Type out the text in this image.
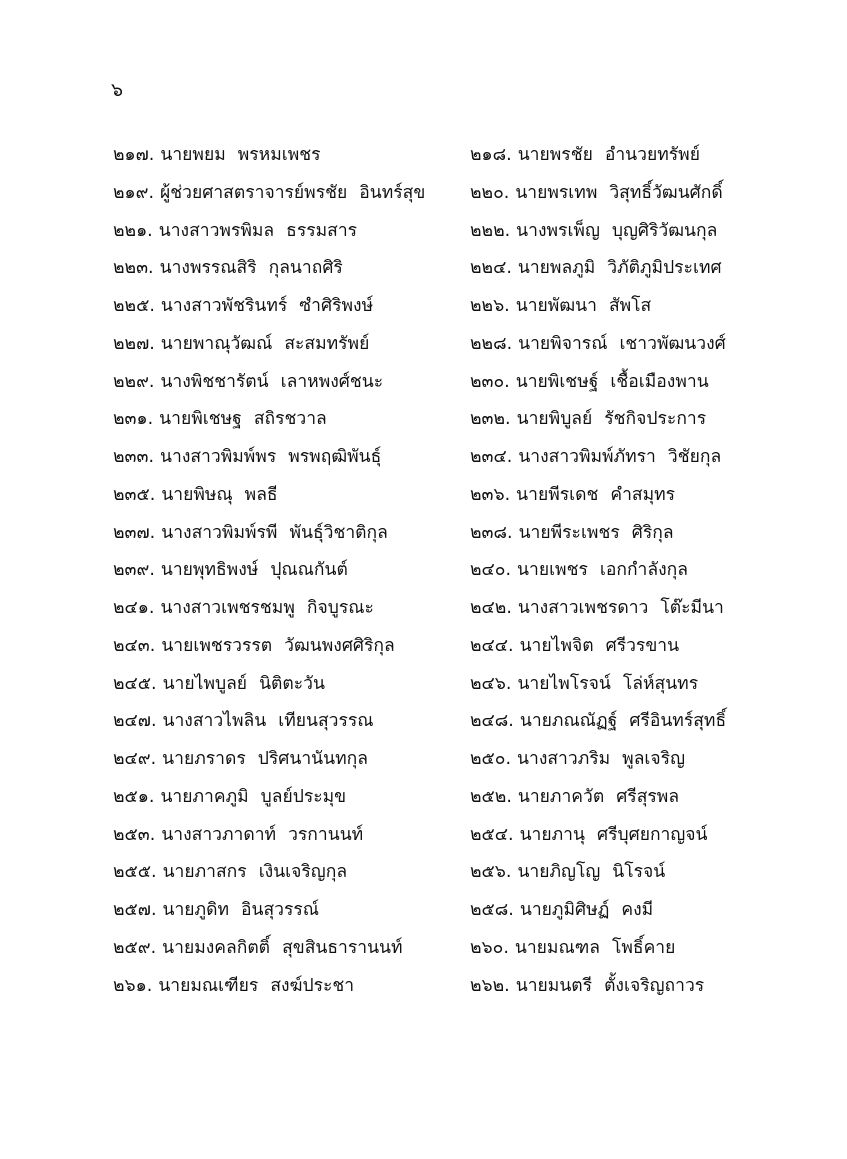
๖
๒๑๗. นายพยม พรหมเพชร	๒๑๘. นายพรชัย อำนวยทรัพย์
๒๑๙. ผู้ช่วยศาสตราจารย์พรชัย อินทร์สุข	๒๒๐. นายพรเทพ วิสุทธิ์วัฒนศักดิ์
๒๒๑. นางสาวพรพิมล ธรรมสาร	๒๒๒. นางพรเพ็ญ บุญศิริวัฒนกุล
๒๒๓. นางพรรณสิริ กุลนาถศิริ	๒๒๔. นายพลภูมิ วิภัติภูมิประเทศ
๒๒๕. นางสาวพัชรินทร์ ซำศิริพงษ์	๒๒๖. นายพัฒนา สัพโส
๒๒๗. นายพาณุวัฒณ์ สะสมทรัพย์	๒๒๘. นายพิจารณ์ เชาวพัฒนวงศ์
๒๒๙. นางพิชชารัตน์ เลาหพงศ์ชนะ	๒๓๐. นายพิเชษฐ์ เชื้อเมืองพาน
๒๓๑. นายพิเชษฐ สถิรชวาล	๒๓๒. นายพิบูลย์ รัชกิจประการ
๒๓๓. นางสาวพิมพ์พร พรพฤฒิพันธุ์	๒๓๔. นางสาวพิมพ์ภัทรา วิชัยกุล
๒๓๕. นายพิษณุ พลธี	๒๓๖. นายพีรเดช คำสมุทร
๒๓๗. นางสาวพิมพ์รพี พันธุ์วิชาติกุล	๒๓๘. นายพีระเพชร ศิริกุล
๒๓๙. นายพุทธิพงษ์ ปุณณกันต์	๒๔๐. นายเพชร เอกกำลังกุล
๒๔๑. นางสาวเพชรชมพู กิจบูรณะ	๒๔๒. นางสาวเพชรดาว โต๊ะมีนา
๒๔๓. นายเพชรวรรต วัฒนพงศศิริกุล	๒๔๔. นายไพจิต ศรีวรขาน
๒๔๕. นายไพบูลย์ นิติตะวัน	๒๔๖. นายไพโรจน์ โล่ห์สุนทร
๒๔๗. นางสาวไพลิน เทียนสุวรรณ	๒๔๘. นายภณณัฏฐ์ ศรีอินทร์สุทธิ์
๒๔๙. นายภราดร ปริศนานันทกุล	๒๕๐. นางสาวภริม พูลเจริญ
๒๕๑. นายภาคภูมิ บูลย์ประมุข	๒๕๒. นายภาควัต ศรีสุรพล
๒๕๓. นางสาวภาดาท์ วรกานนท์	๒๕๔. นายภานุ ศรีบุศยกาญจน์
๒๕๕. นายภาสกร เงินเจริญกุล	๒๕๖. นายภิญโญ นิโรจน์
๒๕๗. นายภูดิท อินสุวรรณ์	๒๕๘. นายภูมิศิษฏ์ คงมี
๒๕๙. นายมงคลกิตติ์ สุขสินธารานนท์	๒๖๐. นายมณฑล โพธิ์คาย
๒๖๑. นายมณเฑียร สงฆ์ประชา	๒๖๒. นายมนตรี ตั้งเจริญถาวร
